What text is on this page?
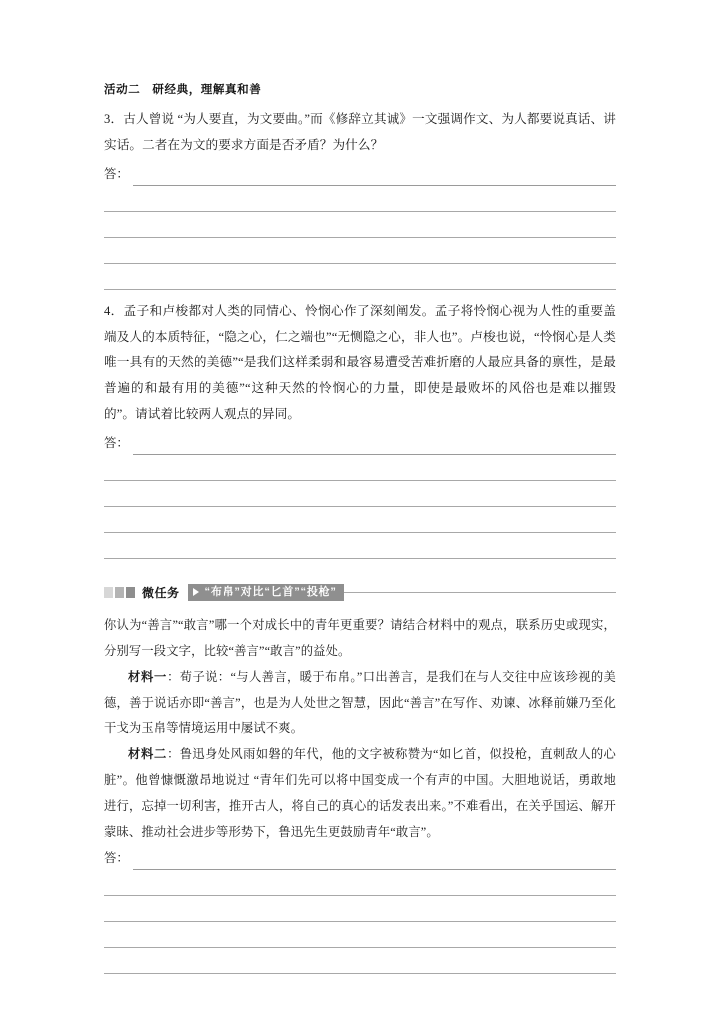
活动二　研经典，理解真和善

3．古人曾说 “为人要直，为文要曲。”而《修辞立其诚》一文强调作文、为人都要说真话、讲实话。二者在为文的要求方面是否矛盾？为什么？

答：

4．孟子和卢梭都对人类的同情心、怜悯心作了深刻阐发。孟子将怜悯心视为人性的重要盖端及人的本质特征，“隐之心，仁之端也”“无恻隐之心，非人也”。卢梭也说，“怜悯心是人类唯一具有的天然的美德”“是我们这样柔弱和最容易遭受苦难折磨的人最应具备的禀性，是最普遍的和最有用的美德”“这种天然的怜悯心的力量，即使是最败坏的风俗也是难以摧毁的”。请试着比较两人观点的异同。

答：
微任务	“布帛”对比“匕首”“投枪”

你认为“善言”“敢言”哪一个对成长中的青年更重要？请结合材料中的观点，联系历史或现实，分别写一段文字，比较“善言”“敢言”的益处。

材料一：荀子说：“与人善言，暖于布帛。”口出善言，是我们在与人交往中应该珍视的美德，善于说话亦即“善言”，也是为人处世之智慧，因此“善言”在写作、劝谏、冰释前嫌乃至化干戈为玉帛等情境运用中屡试不爽。

材料二：鲁迅身处风雨如磐的年代，他的文字被称赞为“如匕首，似投枪，直刺敌人的心脏”。他曾慷慨激昂地说过 “青年们先可以将中国变成一个有声的中国。大胆地说话，勇敢地进行，忘掉一切利害，推开古人，将自己的真心的话发表出来。”不难看出，在关乎国运、解开蒙昧、推动社会进步等形势下，鲁迅先生更鼓励青年“敢言”。

答：
